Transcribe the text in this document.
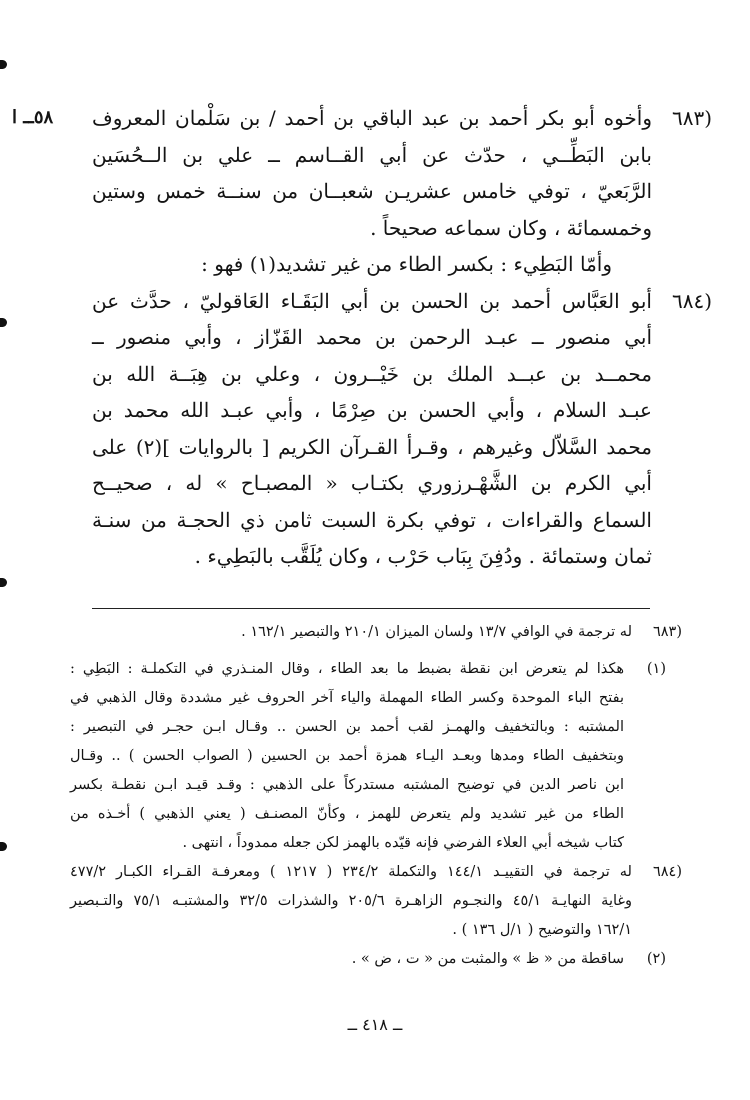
(٦٨٣
وأخوه أبو بكر أحمد بن عبد الباقي بن أحمد / بن سَلْمان المعروف
٥٨ــ ا
بابن البَطِّــي ، حدّث عن أبي القــاسم ــ علي بن الــحُسَين
الرَّبَعيّ ، توفي خامس عشريـن شعبــان من سنــة خمس وستين
وخمسمائة ، وكان سماعه صحيحاً .
وأمّا البَطِيء : بكسر الطاء من غير تشديد(١) فهو :
(٦٨٤
أبو العَبَّاس أحمد بن الحسن بن أبي البَقَـاء العَاقوليّ ، حدَّث عن
أبي منصور ــ عبـد الرحمن بن محمد القَزّاز ، وأبي منصور ــ
محمــد بن عبــد الملك بن خَيْــرون ، وعلي بن هِبَــة الله بن
عبـد السلام ، وأبي الحسن بن صِرْمًا ، وأبي عبـد الله محمد بن
محمد السَّلاّل وغيرهم ، وقـرأ القـرآن الكريم [ بالروايات ](٢) على
أبي الكرم بن الشَّهْـرزوري بكتـاب « المصبـاح » له ، صحيــح
السماع والقراءات ، توفي بكرة السبت ثامن ذي الحجـة من سنـة
ثمان وستمائة . ودُفِنَ بِبَاب حَرْب ، وكان يُلَقَّب بالبَطِيء .
(٦٨٣
له ترجمة في الوافي ١٣/٧ ولسان الميزان ٢١٠/١ والتبصير ١٦٢/١ .
(١)
هكذا لم يتعرض ابن نقطة بضبط ما بعد الطاء ، وقال المنـذري في التكملـة : البَطِي :
بفتح الباء الموحدة وكسر الطاء المهملة والياء آخر الحروف غير مشددة وقال الذهبي في
المشتبه : وبالتخفيف والهمـز لقب أحمد بن الحسن .. وقـال ابـن حجـر في التبصير :
وبتخفيف الطاء ومدها وبعـد اليـاء همزة أحمد بن الحسين ( الصواب الحسن ) .. وقـال
ابن ناصر الدين في توضيح المشتبه مستدركاً على الذهبي : وقـد قيـد ابـن نقطـة بكسر
الطاء من غير تشديد ولم يتعرض للهمز ، وكأنّ المصنـف ( يعني الذهبي ) أخـذه من
كتاب شيخه أبي العلاء الفرضي فإنه قيّده بالهمز لكن جعله ممدوداً ، انتهى .
(٦٨٤
له ترجمة في التقييـد ١٤٤/١ والتكملة ٢٣٤/٢ ( ١٢١٧ ) ومعرفـة القـراء الكبـار ٤٧٧/٢
وغاية النهايـة ٤٥/١ والنجـوم الزاهـرة ٢٠٥/٦ والشذرات ٣٢/٥ والمشتبـه ٧٥/١ والتـبصير
١٦٢/١ والتوضيح ( ١/ل ١٣٦ ) .
(٢)
ساقطة من « ظ » والمثبت من « ت ، ض » .
ــ ٤١٨ ــ
